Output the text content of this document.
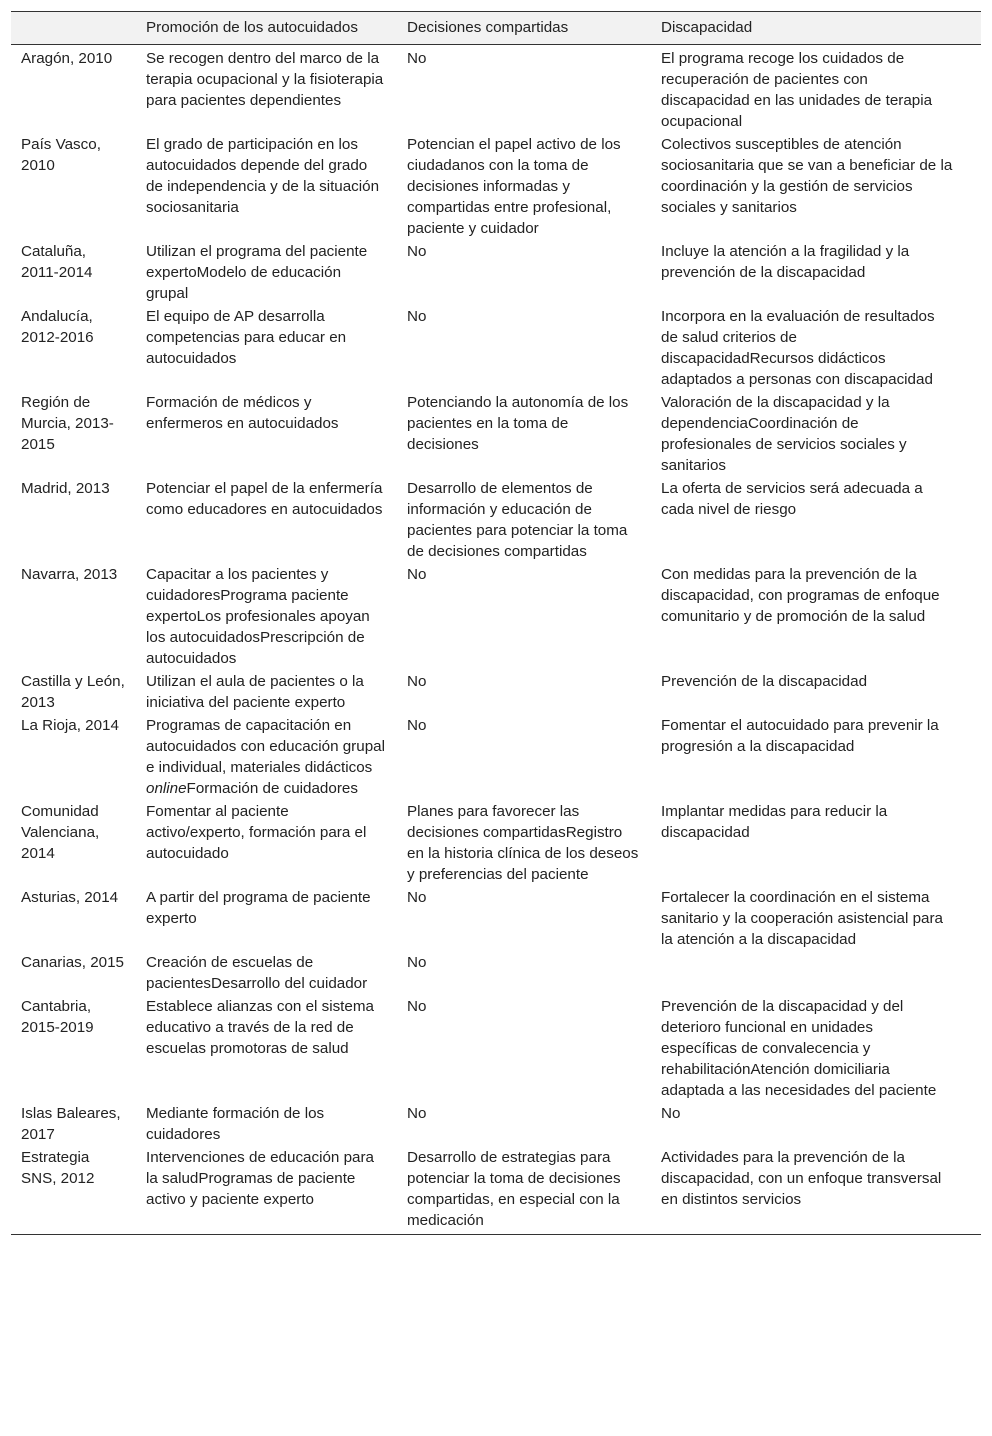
	Promoción de los autocuidados	Decisiones compartidas	Discapacidad
Aragón, 2010	Se recogen dentro del marco de la terapia ocupacional y la fisioterapia para pacientes dependientes	No	El programa recoge los cuidados de recuperación de pacientes con discapacidad en las unidades de terapia ocupacional
País Vasco, 2010	El grado de participación en los autocuidados depende del grado de independencia y de la situación sociosanitaria	Potencian el papel activo de los ciudadanos con la toma de decisiones informadas y compartidas entre profesional, paciente y cuidador	Colectivos susceptibles de atención sociosanitaria que se van a beneficiar de la coordinación y la gestión de servicios sociales y sanitarios
Cataluña, 2011-2014	Utilizan el programa del paciente expertoModelo de educación grupal	No	Incluye la atención a la fragilidad y la prevención de la discapacidad
Andalucía, 2012-2016	El equipo de AP desarrolla competencias para educar en autocuidados	No	Incorpora en la evaluación de resultados de salud criterios de discapacidadRecursos didácticos adaptados a personas con discapacidad
Región de Murcia, 2013-2015	Formación de médicos y enfermeros en autocuidados	Potenciando la autonomía de los pacientes en la toma de decisiones	Valoración de la discapacidad y la dependenciaCoordinación de profesionales de servicios sociales y sanitarios
Madrid, 2013	Potenciar el papel de la enfermería como educadores en autocuidados	Desarrollo de elementos de información y educación de pacientes para potenciar la toma de decisiones compartidas	La oferta de servicios será adecuada a cada nivel de riesgo
Navarra, 2013	Capacitar a los pacientes y cuidadoresPrograma paciente expertoLos profesionales apoyan los autocuidadosPrescripción de autocuidados	No	Con medidas para la prevención de la discapacidad, con programas de enfoque comunitario y de promoción de la salud
Castilla y León, 2013	Utilizan el aula de pacientes o la iniciativa del paciente experto	No	Prevención de la discapacidad
La Rioja, 2014	Programas de capacitación en autocuidados con educación grupal e individual, materiales didácticos onlineFormación de cuidadores	No	Fomentar el autocuidado para prevenir la progresión a la discapacidad
Comunidad Valenciana, 2014	Fomentar al paciente activo/experto, formación para el autocuidado	Planes para favorecer las decisiones compartidasRegistro en la historia clínica de los deseos y preferencias del paciente	Implantar medidas para reducir la discapacidad
Asturias, 2014	A partir del programa de paciente experto	No	Fortalecer la coordinación en el sistema sanitario y la cooperación asistencial para la atención a la discapacidad
Canarias, 2015	Creación de escuelas de pacientesDesarrollo del cuidador	No	
Cantabria, 2015-2019	Establece alianzas con el sistema educativo a través de la red de escuelas promotoras de salud	No	Prevención de la discapacidad y del deterioro funcional en unidades específicas de convalecencia y rehabilitaciónAtención domiciliaria adaptada a las necesidades del paciente
Islas Baleares, 2017	Mediante formación de los cuidadores	No	No
Estrategia SNS, 2012	Intervenciones de educación para la saludProgramas de paciente activo y paciente experto	Desarrollo de estrategias para potenciar la toma de decisiones compartidas, en especial con la medicación	Actividades para la prevención de la discapacidad, con un enfoque transversal en distintos servicios
